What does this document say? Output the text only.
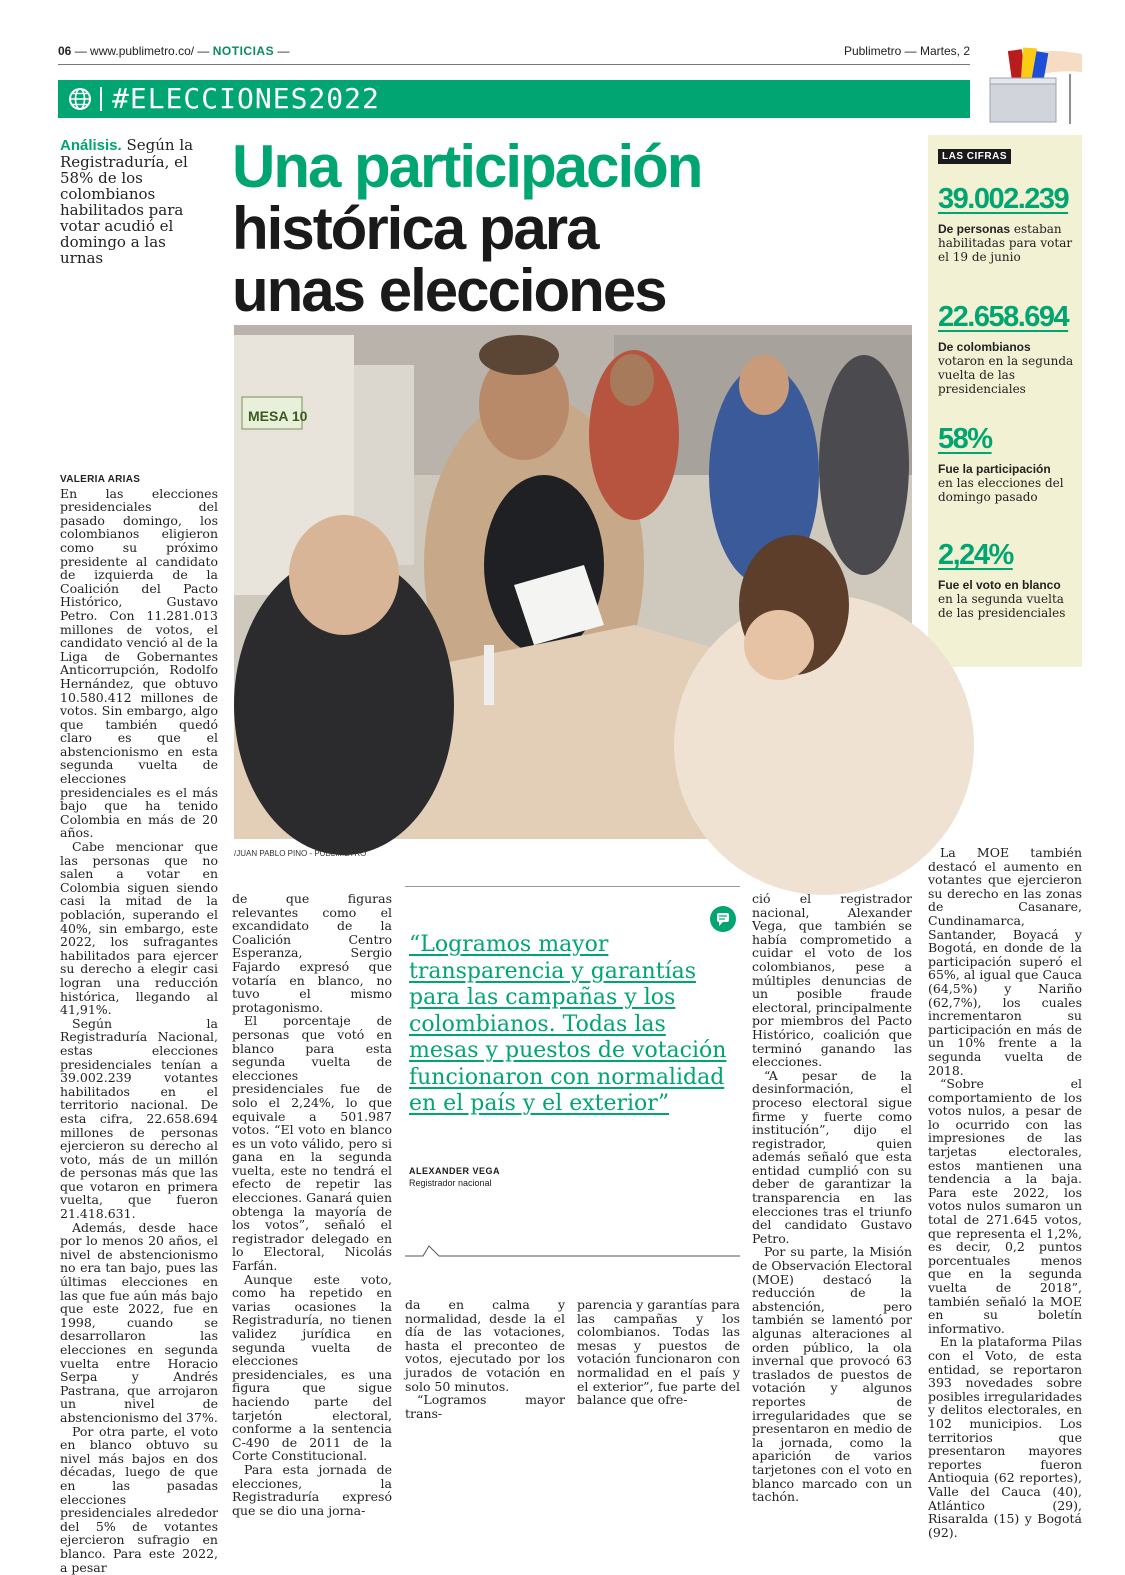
06 — www.publimetro.co/ — NOTICIAS —	Publimetro — Martes, 2
#ELECCIONES2022
LAS CIFRAS
39.002.239
De personas estaban habilitadas para votar el 19 de junio
22.658.694
De colombianos
votaron en la segunda vuelta de las presidenciales
58%
Fue la participación
en las elecciones del domingo pasado
2,24%
Fue el voto en blanco
en la segunda vuelta de las presidenciales
Análisis. Según la Registraduría, el 58% de los colombianos habilitados para votar acudió el domingo a las urnas
Una participación
histórica para
unas elecciones
MESA 10
/JUAN PABLO PINO - PUBLIMETRO
VALERIA ARIAS

En las elecciones presidenciales del pasado domingo, los colombianos eligieron como su próximo presidente al candidato de izquierda de la Coalición del Pacto Histórico, Gustavo Petro. Con 11.281.013 millones de votos, el candidato venció al de la Liga de Gobernantes Anticorrupción, Rodolfo Hernández, que obtuvo 10.580.412 millones de votos. Sin embargo, algo que también quedó claro es que el abstencionismo en esta segunda vuelta de elecciones presidenciales es el más bajo que ha tenido Colombia en más de 20 años.

Cabe mencionar que las personas que no salen a votar en Colombia siguen siendo casi la mitad de la población, superando el 40%, sin embargo, este 2022, los sufragantes habilitados para ejercer su derecho a elegir casi logran una reducción histórica, llegando al 41,91%.

Según la Registraduría Nacional, estas elecciones presidenciales tenían a 39.002.239 votantes habilitados en el territorio nacional. De esta cifra, 22.658.694 millones de personas ejercieron su derecho al voto, más de un millón de personas más que las que votaron en primera vuelta, que fueron 21.418.631.

Además, desde hace por lo menos 20 años, el nivel de abstencionismo no era tan bajo, pues las últimas elecciones en las que fue aún más bajo que este 2022, fue en 1998, cuando se desarrollaron las elecciones en segunda vuelta entre Horacio Serpa y Andrés Pastrana, que arrojaron un nivel de abstencionismo del 37%.

Por otra parte, el voto en blanco obtuvo su nivel más bajos en dos décadas, luego de que en las pasadas elecciones presidenciales alrededor del 5% de votantes ejercieron sufragio en blanco. Para este 2022, a pesar

de que figuras relevantes como el excandidato de la Coalición Centro Esperanza, Sergio Fajardo expresó que votaría en blanco, no tuvo el mismo protagonismo.

El porcentaje de personas que votó en blanco para esta segunda vuelta de elecciones presidenciales fue de solo el 2,24%, lo que equivale a 501.987 votos. “El voto en blanco es un voto válido, pero si gana en la segunda vuelta, este no tendrá el efecto de repetir las elecciones. Ganará quien obtenga la mayoría de los votos”, señaló el registrador delegado en lo Electoral, Nicolás Farfán.

Aunque este voto, como ha repetido en varias ocasiones la Registraduría, no tienen validez jurídica en segunda vuelta de elecciones presidenciales, es una figura que sigue haciendo parte del tarjetón electoral, conforme a la sentencia C-490 de 2011 de la Corte Constitucional.

Para esta jornada de elecciones, la Registraduría expresó que se dio una jorna-

“Logramos mayor transparencia y garantías para las campañas y los colombianos. Todas las mesas y puestos de votación funcionaron con normalidad en el país y el exterior”
ALEXANDER VEGA
Registrador nacional

da en calma y normalidad, desde la el día de las votaciones, hasta el preconteo de votos, ejecutado por los jurados de votación en solo 50 minutos.

“Logramos mayor trans-

parencia y garantías para las campañas y los colombianos. Todas las mesas y puestos de votación funcionaron con normalidad en el país y el exterior”, fue parte del balance que ofre-

ció el registrador nacional, Alexander Vega, que también se había comprometido a cuidar el voto de los colombianos, pese a múltiples denuncias de un posible fraude electoral, principalmente por miembros del Pacto Histórico, coalición que terminó ganando las elecciones.

“A pesar de la desinformación, el proceso electoral sigue firme y fuerte como institución”, dijo el registrador, quien además señaló que esta entidad cumplió con su deber de garantizar la transparencia en las elecciones tras el triunfo del candidato Gustavo Petro.

Por su parte, la Misión de Observación Electoral (MOE) destacó la reducción de la abstención, pero también se lamentó por algunas alteraciones al orden público, la ola invernal que provocó 63 traslados de puestos de votación y algunos reportes de irregularidades que se presentaron en medio de la jornada, como la aparición de varios tarjetones con el voto en blanco marcado con un tachón.

La MOE también destacó el aumento en votantes que ejercieron su derecho en las zonas de Casanare, Cundinamarca, Santander, Boyacá y Bogotá, en donde de la participación superó el 65%, al igual que Cauca (64,5%) y Nariño (62,7%), los cuales incrementaron su participación en más de un 10% frente a la segunda vuelta de 2018.

“Sobre el comportamiento de los votos nulos, a pesar de lo ocurrido con las impresiones de las tarjetas electorales, estos mantienen una tendencia a la baja. Para este 2022, los votos nulos sumaron un total de 271.645 votos, que representa el 1,2%, es decir, 0,2 puntos porcentuales menos que en la segunda vuelta de 2018”, también señaló la MOE en su boletín informativo.

En la plataforma Pilas con el Voto, de esta entidad, se reportaron 393 novedades sobre posibles irregularidades y delitos electorales, en 102 municipios. Los territorios que presentaron mayores reportes fueron Antioquia (62 reportes), Valle del Cauca (40), Atlántico (29), Risaralda (15) y Bogotá (92).
